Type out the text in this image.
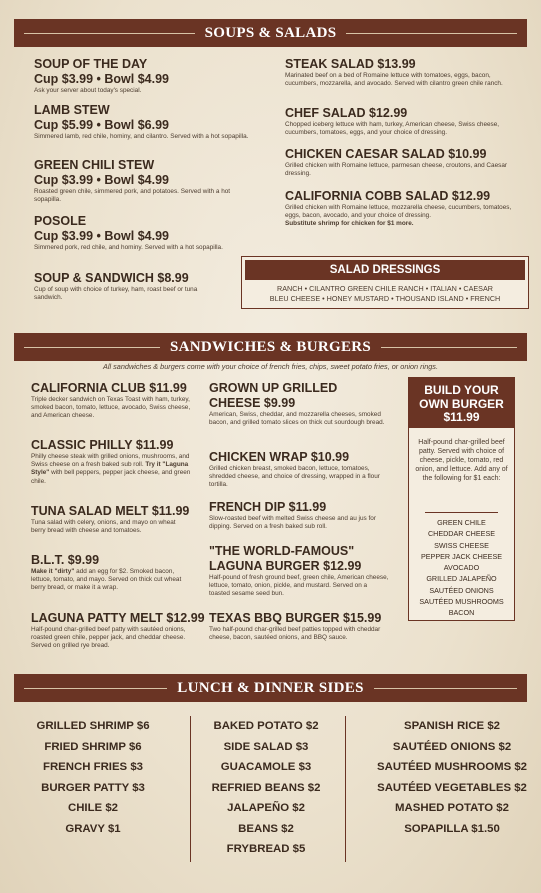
SOUPS & SALADS
SOUP OF THE DAY
Cup $3.99 • Bowl $4.99
Ask your server about today's special.
LAMB STEW
Cup $5.99 • Bowl $6.99
Simmered lamb, red chile, hominy, and cilantro. Served with a hot sopapilla.
GREEN CHILI STEW
Cup $3.99 • Bowl $4.99
Roasted green chile, simmered pork, and potatoes. Served with a hot sopapilla.
POSOLE
Cup $3.99 • Bowl $4.99
Simmered pork, red chile, and hominy. Served with a hot sopapilla.
SOUP & SANDWICH $8.99
Cup of soup with choice of turkey, ham, roast beef or tuna sandwich.
STEAK SALAD $13.99
Marinated beef on a bed of Romaine lettuce with tomatoes, eggs, bacon, cucumbers, mozzarella, and avocado. Served with cilantro green chile ranch.
CHEF SALAD $12.99
Chopped iceberg lettuce with ham, turkey, American cheese, Swiss cheese, cucumbers, tomatoes, eggs, and your choice of dressing.
CHICKEN CAESAR SALAD $10.99
Grilled chicken with Romaine lettuce, parmesan cheese, croutons, and Caesar dressing.
CALIFORNIA COBB SALAD $12.99
Grilled chicken with Romaine lettuce, mozzarella cheese, cucumbers, tomatoes, eggs, bacon, avocado, and your choice of dressing.
Substitute shrimp for chicken for $1 more.
SALAD DRESSINGS
RANCH • CILANTRO GREEN CHILE RANCH • ITALIAN • CAESAR
BLEU CHEESE • HONEY MUSTARD • THOUSAND ISLAND • FRENCH
SANDWICHES & BURGERS
All sandwiches & burgers come with your choice of french fries, chips, sweet potato fries, or onion rings.
CALIFORNIA CLUB $11.99
Triple decker sandwich on Texas Toast with ham, turkey, smoked bacon, tomato, lettuce, avocado, Swiss cheese, and American cheese.
CLASSIC PHILLY $11.99
Philly cheese steak with grilled onions, mushrooms, and Swiss cheese on a fresh baked sub roll. Try it "Laguna Style" with bell peppers, pepper jack cheese, and green chile.
TUNA SALAD MELT $11.99
Tuna salad with celery, onions, and mayo on wheat berry bread with cheese and tomatoes.
B.L.T. $9.99
Make it "dirty" add an egg for $2. Smoked bacon, lettuce, tomato, and mayo. Served on thick cut wheat berry bread, or make it a wrap.
LAGUNA PATTY MELT $12.99
Half-pound char-grilled beef patty with sautéed onions, roasted green chile, pepper jack, and cheddar cheese. Served on grilled rye bread.
GROWN UP GRILLED
CHEESE $9.99
American, Swiss, cheddar, and mozzarella cheeses, smoked bacon, and grilled tomato slices on thick cut sourdough bread.
CHICKEN WRAP $10.99
Grilled chicken breast, smoked bacon, lettuce, tomatoes, shredded cheese, and choice of dressing, wrapped in a flour tortilla.
FRENCH DIP $11.99
Slow-roasted beef with melted Swiss cheese and au jus for dipping. Served on a fresh baked sub roll.
"THE WORLD-FAMOUS"
LAGUNA BURGER $12.99
Half-pound of fresh ground beef, green chile, American cheese, lettuce, tomato, onion, pickle, and mustard. Served on a toasted sesame seed bun.
TEXAS BBQ BURGER $15.99
Two half-pound char-grilled beef patties topped with cheddar cheese, bacon, sautéed onions, and BBQ sauce.
BUILD YOUR
OWN BURGER
$11.99
Half-pound char-grilled beef patty. Served with choice of cheese, pickle, tomato, red onion, and lettuce. Add any of the following for $1 each:
GREEN CHILE
CHEDDAR CHEESE
SWISS CHEESE
PEPPER JACK CHEESE
AVOCADO
GRILLED JALAPEÑO
SAUTÉED ONIONS
SAUTÉED MUSHROOMS
BACON
LUNCH & DINNER SIDES
GRILLED SHRIMP $6
FRIED SHRIMP $6
FRENCH FRIES $3
BURGER PATTY $3
CHILE $2
GRAVY $1
BAKED POTATO $2
SIDE SALAD $3
GUACAMOLE $3
REFRIED BEANS $2
JALAPEÑO $2
BEANS $2
FRYBREAD $5
SPANISH RICE $2
SAUTÉED ONIONS $2
SAUTÉED MUSHROOMS $2
SAUTÉED VEGETABLES $2
MASHED POTATO $2
SOPAPILLA $1.50
